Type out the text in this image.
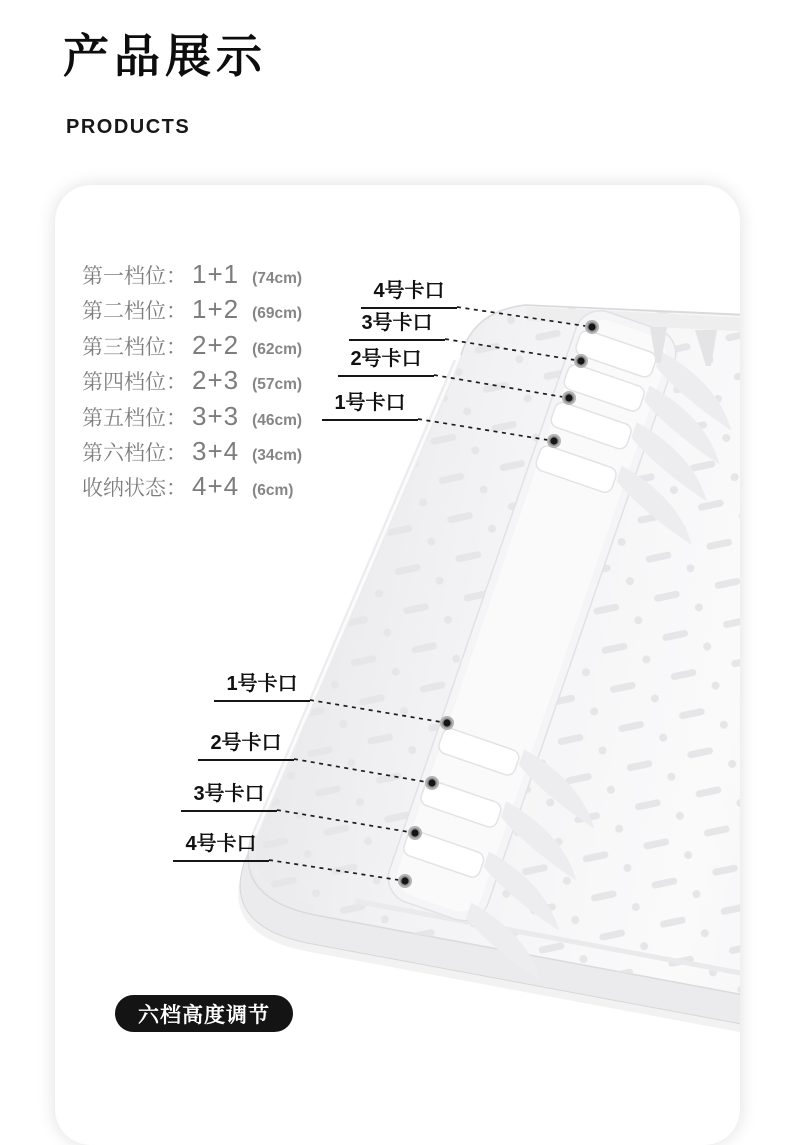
产品展示
PRODUCTS
第一档位： 1+1 (74cm)
第二档位： 1+2 (69cm)
第三档位： 2+2 (62cm)
第四档位： 2+3 (57cm)
第五档位： 3+3 (46cm)
第六档位： 3+4 (34cm)
收纳状态： 4+4 (6cm)
4号卡口
3号卡口
2号卡口
1号卡口
1号卡口
2号卡口
3号卡口
4号卡口
六档高度调节
